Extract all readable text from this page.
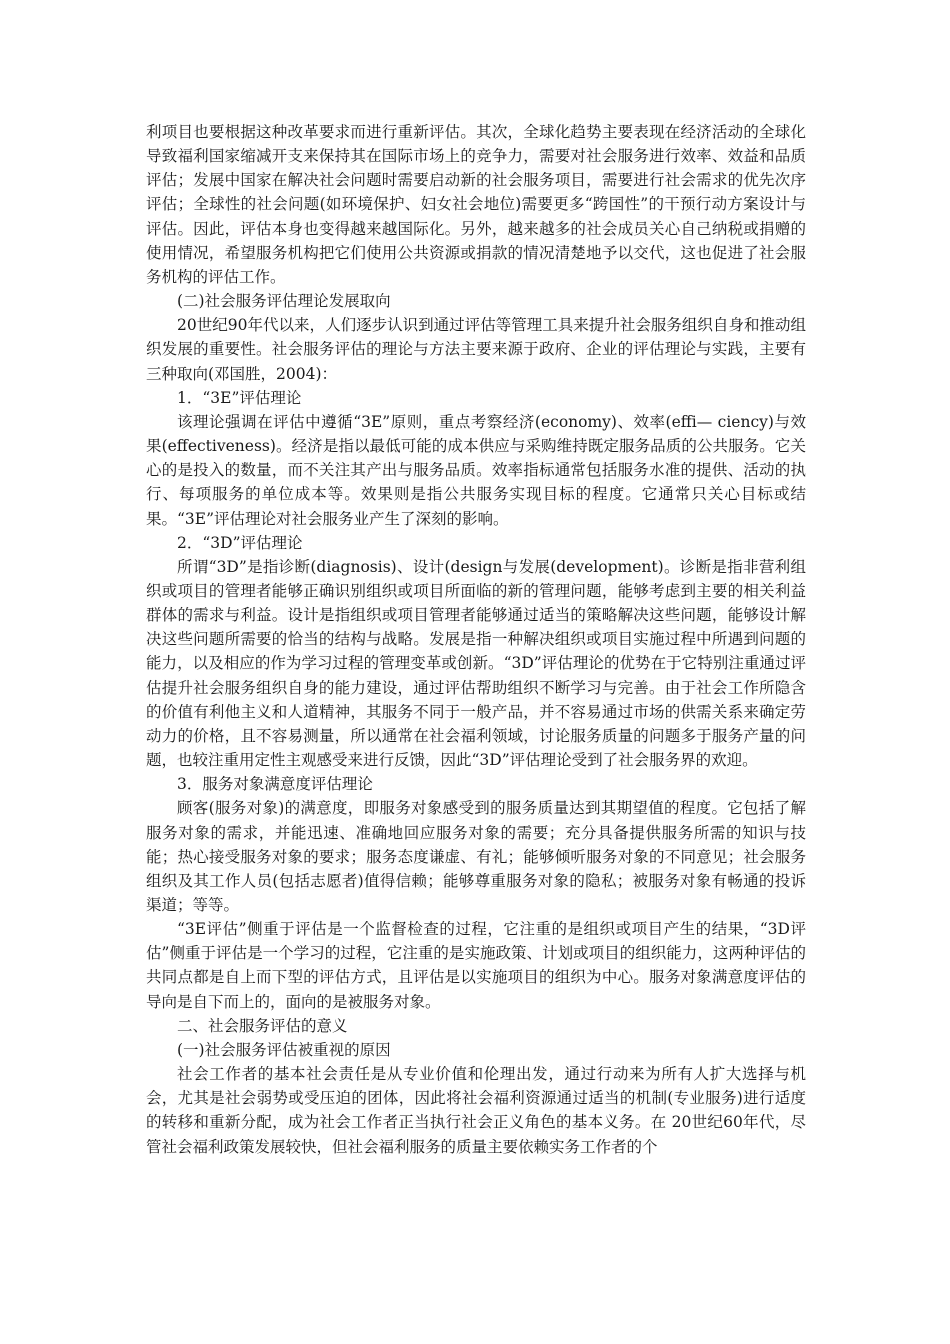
利项目也要根据这种改革要求而进行重新评估。其次，全球化趋势主要表现在经济活动的全球化导致福利国家缩减开支来保持其在国际市场上的竞争力，需要对社会服务进行效率、效益和品质评估；发展中国家在解决社会问题时需要启动新的社会服务项目，需要进行社会需求的优先次序评估；全球性的社会问题(如环境保护、妇女社会地位)需要更多“跨国性”的干预行动方案设计与评估。因此，评估本身也变得越来越国际化。另外，越来越多的社会成员关心自己纳税或捐赠的使用情况，希望服务机构把它们使用公共资源或捐款的情况清楚地予以交代，这也促进了社会服务机构的评估工作。

(二)社会服务评估理论发展取向

20世纪90年代以来，人们逐步认识到通过评估等管理工具来提升社会服务组织自身和推动组织发展的重要性。社会服务评估的理论与方法主要来源于政府、企业的评估理论与实践，主要有三种取向(邓国胜，2004)：

1．“3E”评估理论

该理论强调在评估中遵循“3E”原则，重点考察经济(economy)、效率(effi— ciency)与效果(effectiveness)。经济是指以最低可能的成本供应与采购维持既定服务品质的公共服务。它关心的是投入的数量，而不关注其产出与服务品质。效率指标通常包括服务水准的提供、活动的执行、每项服务的单位成本等。效果则是指公共服务实现目标的程度。它通常只关心目标或结果。“3E”评估理论对社会服务业产生了深刻的影响。

2．“3D”评估理论

所谓“3D”是指诊断(diagnosis)、设计(design与发展(development)。诊断是指非营利组织或项目的管理者能够正确识别组织或项目所面临的新的管理问题，能够考虑到主要的相关利益群体的需求与利益。设计是指组织或项目管理者能够通过适当的策略解决这些问题，能够设计解决这些问题所需要的恰当的结构与战略。发展是指一种解决组织或项目实施过程中所遇到问题的能力，以及相应的作为学习过程的管理变革或创新。“3D”评估理论的优势在于它特别注重通过评估提升社会服务组织自身的能力建设，通过评估帮助组织不断学习与完善。由于社会工作所隐含的价值有利他主义和人道精神，其服务不同于一般产品，并不容易通过市场的供需关系来确定劳动力的价格，且不容易测量，所以通常在社会福利领域，讨论服务质量的问题多于服务产量的问题，也较注重用定性主观感受来进行反馈，因此“3D”评估理论受到了社会服务界的欢迎。

3．服务对象满意度评估理论

顾客(服务对象)的满意度，即服务对象感受到的服务质量达到其期望值的程度。它包括了解服务对象的需求，并能迅速、准确地回应服务对象的需要；充分具备提供服务所需的知识与技能；热心接受服务对象的要求；服务态度谦虚、有礼；能够倾听服务对象的不同意见；社会服务组织及其工作人员(包括志愿者)值得信赖；能够尊重服务对象的隐私；被服务对象有畅通的投诉渠道；等等。

“3E评估”侧重于评估是一个监督检查的过程，它注重的是组织或项目产生的结果，“3D评估”侧重于评估是一个学习的过程，它注重的是实施政策、计划或项目的组织能力，这两种评估的共同点都是自上而下型的评估方式，且评估是以实施项目的组织为中心。服务对象满意度评估的导向是自下而上的，面向的是被服务对象。

二、社会服务评估的意义

(一)社会服务评估被重视的原因

社会工作者的基本社会责任是从专业价值和伦理出发，通过行动来为所有人扩大选择与机会，尤其是社会弱势或受压迫的团体，因此将社会福利资源通过适当的机制(专业服务)进行适度的转移和重新分配，成为社会工作者正当执行社会正义角色的基本义务。在 20世纪60年代，尽管社会福利政策发展较快，但社会福利服务的质量主要依赖实务工作者的个
